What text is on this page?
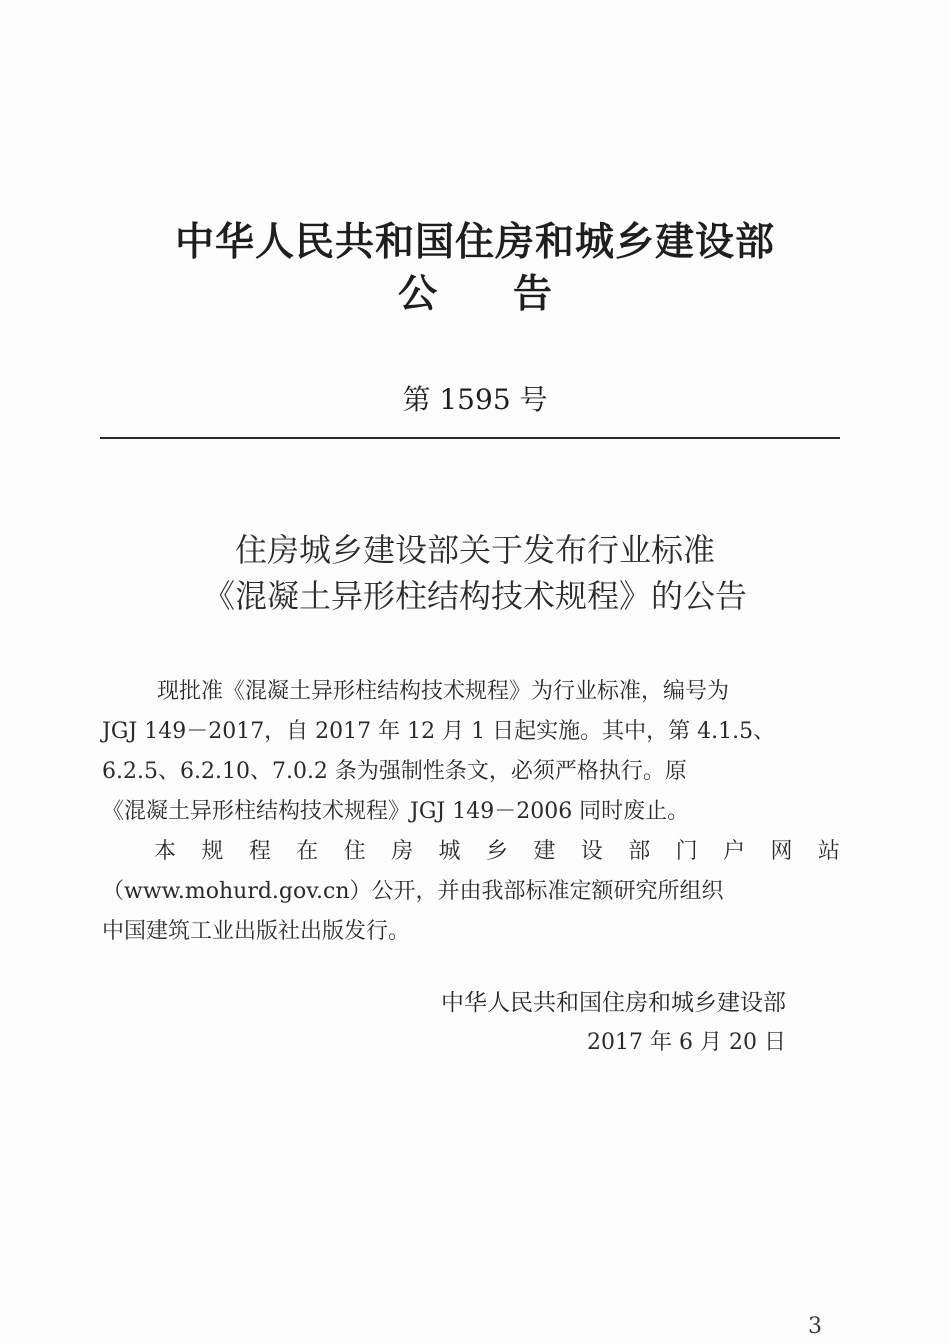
中华人民共和国住房和城乡建设部
公 告
第 1595 号
住房城乡建设部关于发布行业标准
《混凝土异形柱结构技术规程》的公告
现批准《混凝土异形柱结构技术规程》为行业标准，编号为
JGJ 149－2017，自 2017 年 12 月 1 日起实施。其中，第 4.1.5、
6.2.5、6.2.10、7.0.2 条为强制性条文，必须严格执行。原
《混凝土异形柱结构技术规程》JGJ 149－2006 同时废止。
本 规 程 在 住 房 城 乡 建 设 部 门 户 网 站
（www.mohurd.gov.cn）公开，并由我部标准定额研究所组织
中国建筑工业出版社出版发行。
中华人民共和国住房和城乡建设部
2017 年 6 月 20 日
3
